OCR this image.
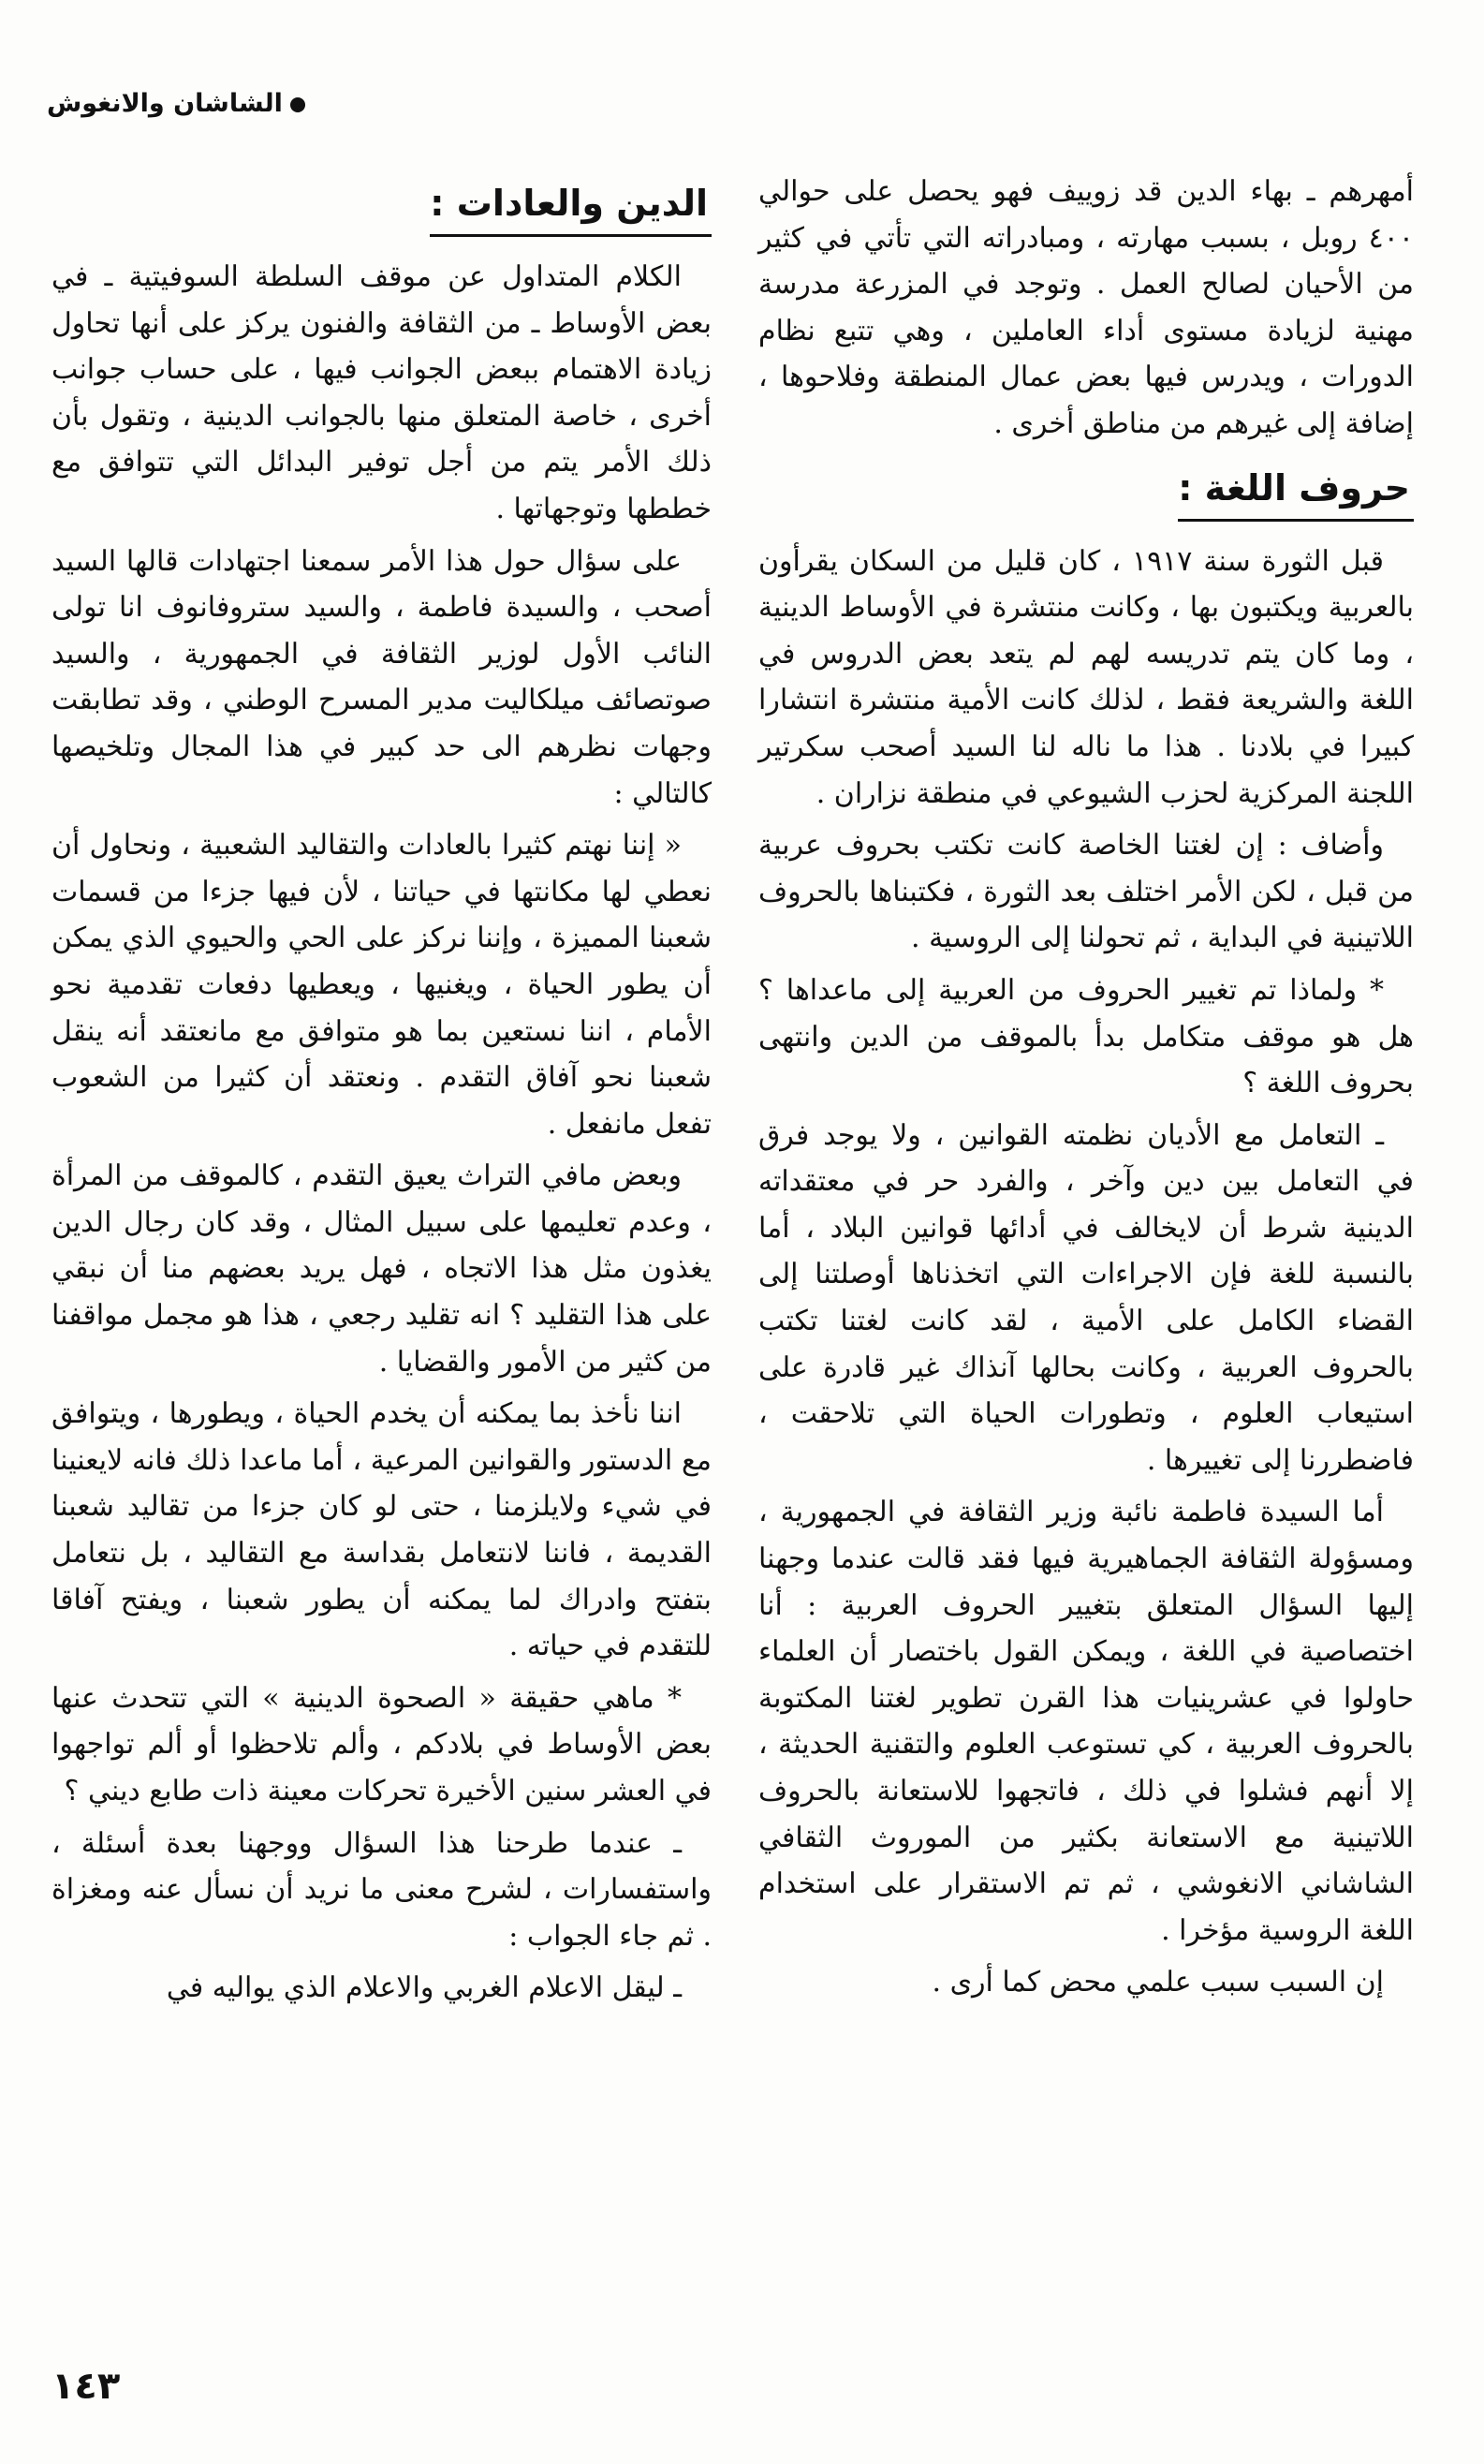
الشاشان والانغوش

أمهرهم ـ بهاء الدين قد زوييف فهو يحصل على حوالي ٤٠٠ روبل ، بسبب مهارته ، ومبادراته التي تأتي في كثير من الأحيان لصالح العمل . وتوجد في المزرعة مدرسة مهنية لزيادة مستوى أداء العاملين ، وهي تتبع نظام الدورات ، ويدرس فيها بعض عمال المنطقة وفلاحوها ، إضافة إلى غيرهم من مناطق أخرى .

حروف اللغة :

قبل الثورة سنة ١٩١٧ ، كان قليل من السكان يقرأون بالعربية ويكتبون بها ، وكانت منتشرة في الأوساط الدينية ، وما كان يتم تدريسه لهم لم يتعد بعض الدروس في اللغة والشريعة فقط ، لذلك كانت الأمية منتشرة انتشارا كبيرا في بلادنا . هذا ما ناله لنا السيد أصحب سكرتير اللجنة المركزية لحزب الشيوعي في منطقة نزاران .

وأضاف : إن لغتنا الخاصة كانت تكتب بحروف عربية من قبل ، لكن الأمر اختلف بعد الثورة ، فكتبناها بالحروف اللاتينية في البداية ، ثم تحولنا إلى الروسية .

* ولماذا تم تغيير الحروف من العربية إلى ماعداها ؟ هل هو موقف متكامل بدأ بالموقف من الدين وانتهى بحروف اللغة ؟

ـ التعامل مع الأديان نظمته القوانين ، ولا يوجد فرق في التعامل بين دين وآخر ، والفرد حر في معتقداته الدينية شرط أن لايخالف في أدائها قوانين البلاد ، أما بالنسبة للغة فإن الاجراءات التي اتخذناها أوصلتنا إلى القضاء الكامل على الأمية ، لقد كانت لغتنا تكتب بالحروف العربية ، وكانت بحالها آنذاك غير قادرة على استيعاب العلوم ، وتطورات الحياة التي تلاحقت ، فاضطررنا إلى تغييرها .

أما السيدة فاطمة نائبة وزير الثقافة في الجمهورية ، ومسؤولة الثقافة الجماهيرية فيها فقد قالت عندما وجهنا إليها السؤال المتعلق بتغيير الحروف العربية : أنا اختصاصية في اللغة ، ويمكن القول باختصار أن العلماء حاولوا في عشرينيات هذا القرن تطوير لغتنا المكتوبة بالحروف العربية ، كي تستوعب العلوم والتقنية الحديثة ، إلا أنهم فشلوا في ذلك ، فاتجهوا للاستعانة بالحروف اللاتينية مع الاستعانة بكثير من الموروث الثقافي الشاشاني الانغوشي ، ثم تم الاستقرار على استخدام اللغة الروسية مؤخرا .

إن السبب سبب علمي محض كما أرى .

الدين والعادات :

الكلام المتداول عن موقف السلطة السوفيتية ـ في بعض الأوساط ـ من الثقافة والفنون يركز على أنها تحاول زيادة الاهتمام ببعض الجوانب فيها ، على حساب جوانب أخرى ، خاصة المتعلق منها بالجوانب الدينية ، وتقول بأن ذلك الأمر يتم من أجل توفير البدائل التي تتوافق مع خططها وتوجهاتها .

على سؤال حول هذا الأمر سمعنا اجتهادات قالها السيد أصحب ، والسيدة فاطمة ، والسيد ستروفانوف انا تولى النائب الأول لوزير الثقافة في الجمهورية ، والسيد صوتصائف ميلكاليت مدير المسرح الوطني ، وقد تطابقت وجهات نظرهم الى حد كبير في هذا المجال وتلخيصها كالتالي :

« إننا نهتم كثيرا بالعادات والتقاليد الشعبية ، ونحاول أن نعطي لها مكانتها في حياتنا ، لأن فيها جزءا من قسمات شعبنا المميزة ، وإننا نركز على الحي والحيوي الذي يمكن أن يطور الحياة ، ويغنيها ، ويعطيها دفعات تقدمية نحو الأمام ، اننا نستعين بما هو متوافق مع مانعتقد أنه ينقل شعبنا نحو آفاق التقدم . ونعتقد أن كثيرا من الشعوب تفعل مانفعل .

وبعض مافي التراث يعيق التقدم ، كالموقف من المرأة ، وعدم تعليمها على سبيل المثال ، وقد كان رجال الدين يغذون مثل هذا الاتجاه ، فهل يريد بعضهم منا أن نبقي على هذا التقليد ؟ انه تقليد رجعي ، هذا هو مجمل مواقفنا من كثير من الأمور والقضايا .

اننا نأخذ بما يمكنه أن يخدم الحياة ، ويطورها ، ويتوافق مع الدستور والقوانين المرعية ، أما ماعدا ذلك فانه لايعنينا في شيء ولايلزمنا ، حتى لو كان جزءا من تقاليد شعبنا القديمة ، فاننا لانتعامل بقداسة مع التقاليد ، بل نتعامل بتفتح وادراك لما يمكنه أن يطور شعبنا ، ويفتح آفاقا للتقدم في حياته .

* ماهي حقيقة « الصحوة الدينية » التي تتحدث عنها بعض الأوساط في بلادكم ، وألم تلاحظوا أو ألم تواجهوا في العشر سنين الأخيرة تحركات معينة ذات طابع ديني ؟

ـ عندما طرحنا هذا السؤال ووجهنا بعدة أسئلة ، واستفسارات ، لشرح معنى ما نريد أن نسأل عنه ومغزاة . ثم جاء الجواب :

ـ ليقل الاعلام الغربي والاعلام الذي يواليه في

١٤٣
